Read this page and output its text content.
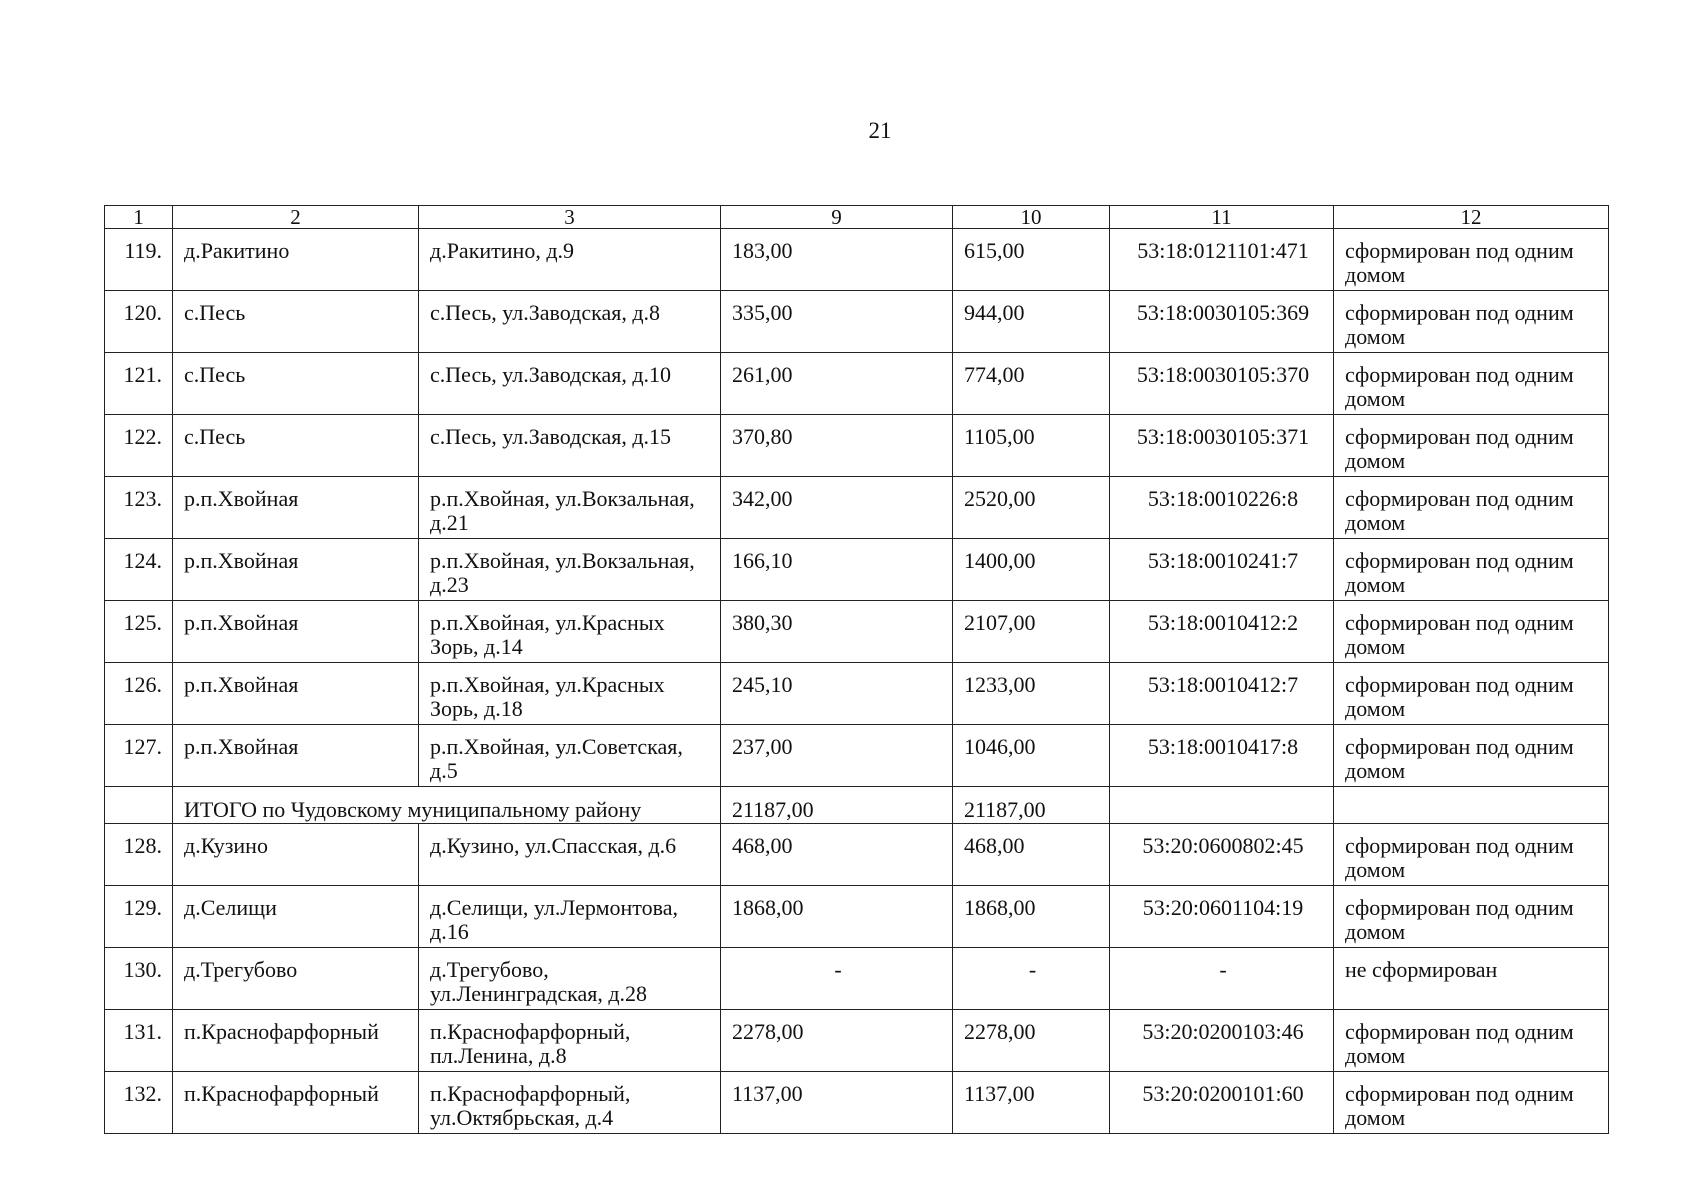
21
1	2	3	9	10	11	12
119.	д.Ракитино	д.Ракитино, д.9	183,00	615,00	53:18:0121101:471	сформирован под одним домом
120.	с.Песь	с.Песь, ул.Заводская, д.8	335,00	944,00	53:18:0030105:369	сформирован под одним домом
121.	с.Песь	с.Песь, ул.Заводская, д.10	261,00	774,00	53:18:0030105:370	сформирован под одним домом
122.	с.Песь	с.Песь, ул.Заводская, д.15	370,80	1105,00	53:18:0030105:371	сформирован под одним домом
123.	р.п.Хвойная	р.п.Хвойная, ул.Вокзальная, д.21	342,00	2520,00	53:18:0010226:8	сформирован под одним домом
124.	р.п.Хвойная	р.п.Хвойная, ул.Вокзальная, д.23	166,10	1400,00	53:18:0010241:7	сформирован под одним домом
125.	р.п.Хвойная	р.п.Хвойная, ул.Красных Зорь, д.14	380,30	2107,00	53:18:0010412:2	сформирован под одним домом
126.	р.п.Хвойная	р.п.Хвойная, ул.Красных Зорь, д.18	245,10	1233,00	53:18:0010412:7	сформирован под одним домом
127.	р.п.Хвойная	р.п.Хвойная, ул.Советская, д.5	237,00	1046,00	53:18:0010417:8	сформирован под одним домом
	ИТОГО по Чудовскому муниципальному району		21187,00	21187,00		
128.	д.Кузино	д.Кузино, ул.Спасская, д.6	468,00	468,00	53:20:0600802:45	сформирован под одним домом
129.	д.Селищи	д.Селищи, ул.Лермонтова, д.16	1868,00	1868,00	53:20:0601104:19	сформирован под одним домом
130.	д.Трегубово	д.Трегубово, ул.Ленинградская, д.28	-	-	-	не сформирован
131.	п.Краснофарфорный	п.Краснофарфорный, пл.Ленина, д.8	2278,00	2278,00	53:20:0200103:46	сформирован под одним домом
132.	п.Краснофарфорный	п.Краснофарфорный, ул.Октябрьская, д.4	1137,00	1137,00	53:20:0200101:60	сформирован под одним домом
